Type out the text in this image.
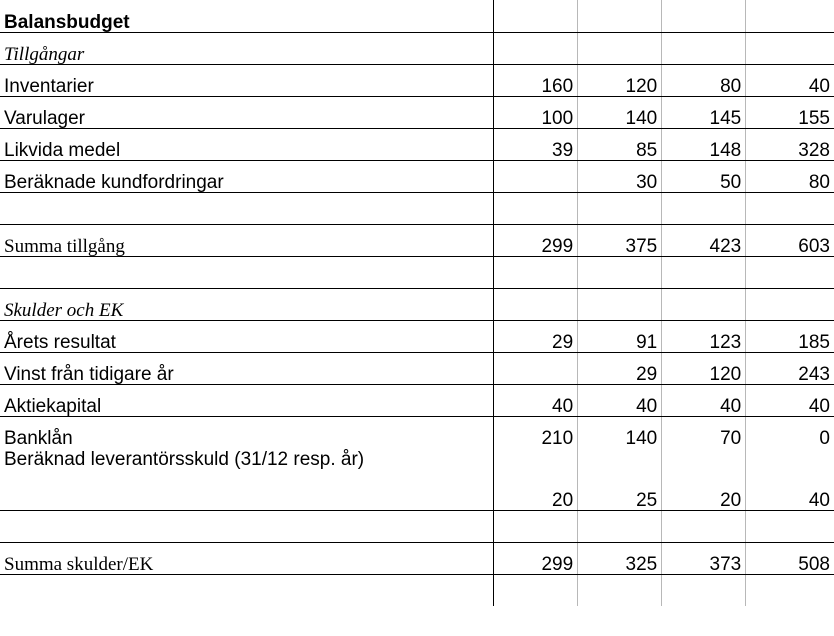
Balansbudget				
Tillgångar				
Inventarier	160	120	80	40
Varulager	100	140	145	155
Likvida medel	39	85	148	328
Beräknade kundfordringar		30	50	80

Summa tillgång	299	375	423	603

Skulder och EK				
Årets resultat	29	91	123	185
Vinst från tidigare år		29	120	243
Aktiekapital	40	40	40	40
Banklån	210	140	70	0
Beräknad leverantörsskuld (31/12 resp. år)	20	25	20	40

Summa skulder/EK	299	325	373	508
